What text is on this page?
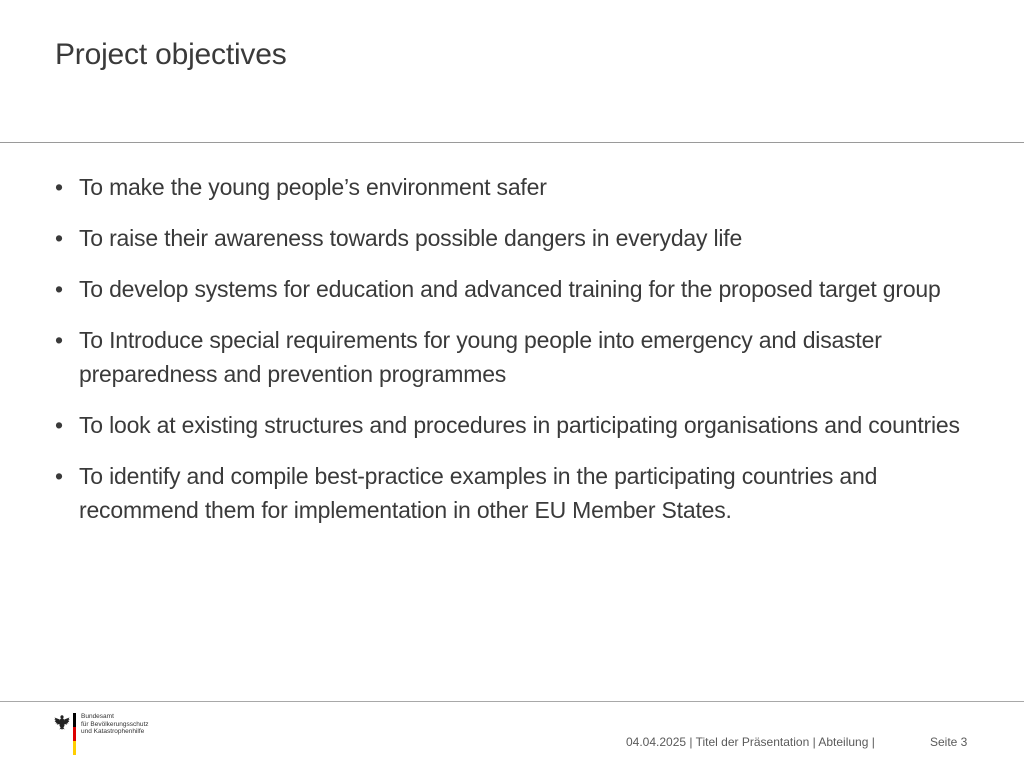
Project objectives
• To make the young people’s environment safer
• To raise their awareness towards possible dangers in everyday life
• To develop systems for education and advanced training for the proposed target group
• To Introduce special requirements for young people into emergency and disaster preparedness and prevention programmes
• To look at existing structures and procedures in participating organisations and countries
• To identify and compile best-practice examples in the participating countries and recommend them for implementation in other EU Member States.
Bundesamt
für Bevölkerungsschutz
und Katastrophenhilfe
04.04.2025 | Titel der Präsentation | Abteilung |	Seite 3
